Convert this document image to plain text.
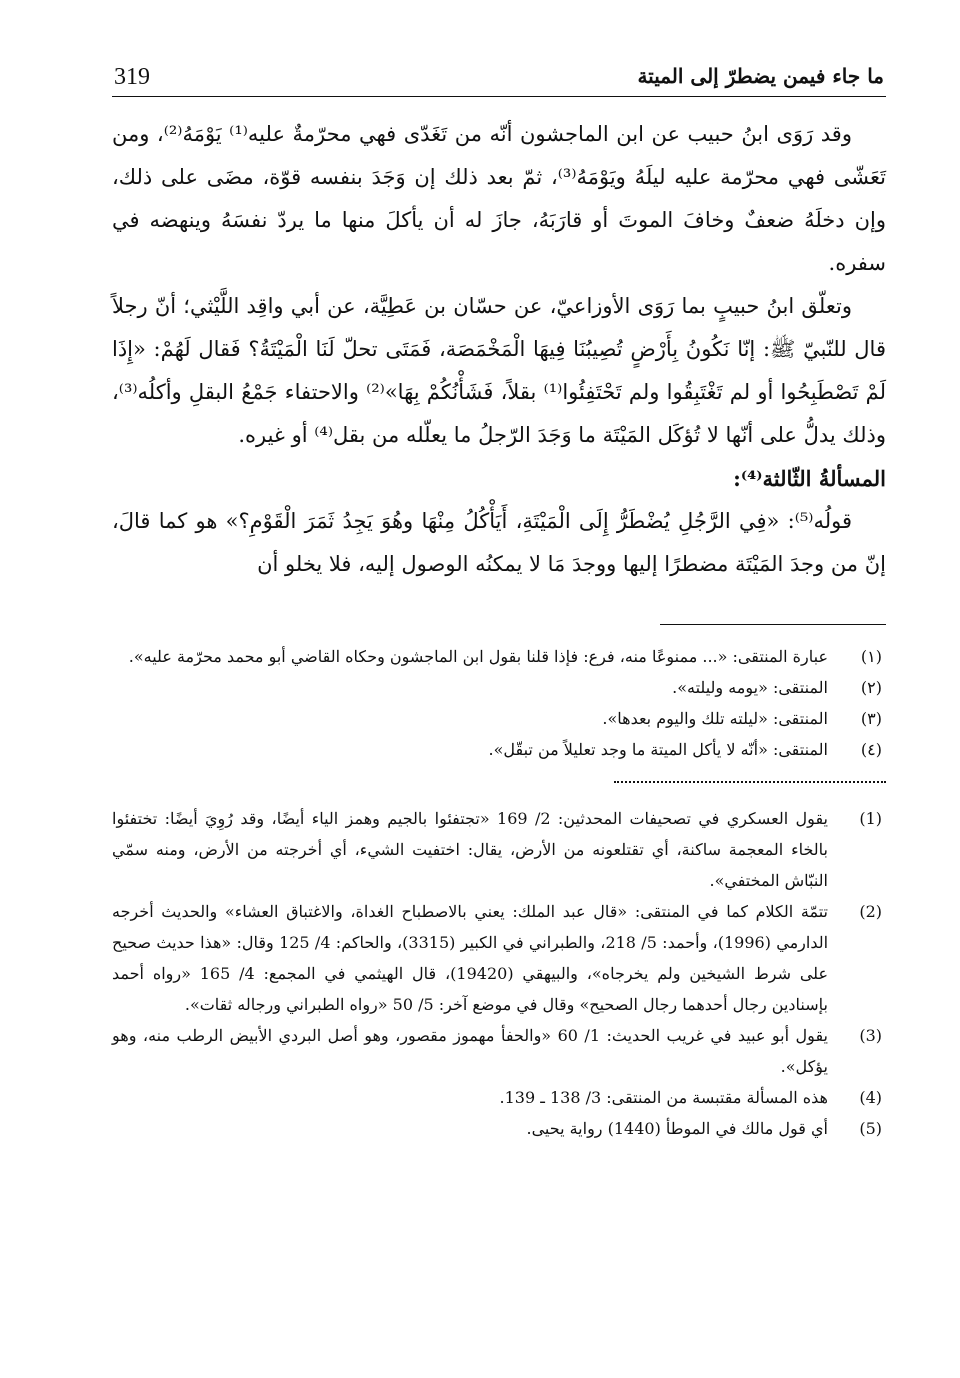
319	ما جاء فيمن يضطرّ إلى الميتة

وقد رَوَى ابنُ حبيب عن ابن الماجشون أنّه من تَغَدّى فهي محرّمةٌ عليه⁽¹⁾ يَوْمَهُ⁽²⁾، ومن تَعَشّى فهي محرّمة عليه ليلَهُ ويَوْمَهُ⁽³⁾، ثمّ بعد ذلك إن وَجَدَ بنفسه قوّة، مضَى على ذلك، وإن دخلَهُ ضعفٌ وخافَ الموتَ أو قارَبَهُ، جازَ له أن يأكلَ منها ما يردّ نفسَهُ وينهضه في سفره.

وتعلّق ابنُ حبيبٍ بما رَوَى الأوزاعيّ، عن حسّان بن عَطِيَّة، عن أبي واقِد اللَّيْثي؛ أنّ رجلاً قال للنّبيّ ﷺ: إنّا نَكُونُ بِأَرْضٍ تُصِيبُنَا فِيهَا الْمَخْمَصَة، فَمَتَى تحلّ لَنَا الْمَيْتَةُ؟ فَقال لَهُمْ: «إِذَا لَمْ تَصْطَبِحُوا أو لم تَغْتَبِقُوا ولم تَحْتَفِئُوا⁽¹⁾ بقلاً، فَشَأْنُكُمْ بِهَا»⁽²⁾ والاحتفاء جَمْعُ البقلِ وأكلُه⁽³⁾، وذلك يدلُّ على أنّها لا تُؤكَل المَيْتَة ما وَجَدَ الرّجلُ ما يعلّله من بقل⁽⁴⁾ أو غيره.

المسألةُ الثّالثة⁽⁴⁾:

قولُه⁽⁵⁾: «فِي الرَّجُلِ يُضْطَرُّ إِلَى الْمَيْتَةِ، أَيَأْكُلُ مِنْهَا وهُوَ يَجِدُ ثَمَرَ الْقَوْمِ؟» هو كما قالَ، إنّ من وجدَ المَيْتَة مضطرًا إليها ووجدَ مَا لا يمكنُه الوصول إليه، فلا يخلو أن

(١)
عبارة المنتقى: «... ممنوعًا منه، فرع: فإذا قلنا بقول ابن الماجشون وحكاه القاضي أبو محمد محرّمة عليه».
(٢)
المنتقى: «يومه وليلته».
(٣)
المنتقى: «ليلته تلك واليوم بعدها».
(٤)
المنتقى: «أنّه لا يأكل الميتة ما وجد تعليلاً من تبقّل».
(1)
يقول العسكري في تصحيفات المحدثين: 2/ 169 «تجتفئوا بالجيم وهمز الياء أيضًا، وقد رُوِيَ أيضًا: تختفئوا بالخاء المعجمة ساكنة، أي تقتلعونه من الأرض، يقال: اختفيت الشيء، أي أخرجته من الأرض، ومنه سمّي النبّاش المختفي».
(2)
تتمّة الكلام كما في المنتقى: «قال عبد الملك: يعني بالاصطباح الغداة، والاغتباق العشاء» والحديث أخرجه الدارمي (1996)، وأحمد: 5/ 218، والطبراني في الكبير (3315)، والحاكم: 4/ 125 وقال: «هذا حديث صحيح على شرط الشيخين ولم يخرجاه»، والبيهقي (19420)، قال الهيثمي في المجمع: 4/ 165 «رواه أحمد بإسنادين رجال أحدهما رجال الصحيح» وقال في موضع آخر: 5/ 50 «رواه الطبراني ورجاله ثقات».
(3)
يقول أبو عبيد في غريب الحديث: 1/ 60 «والحفأ مهموز مقصور، وهو أصل البردي الأبيض الرطب منه، وهو يؤكل».
(4)
هذه المسألة مقتبسة من المنتقى: 3/ 138 ـ 139.
(5)
أي قول مالك في الموطأ (1440) رواية يحيى.
